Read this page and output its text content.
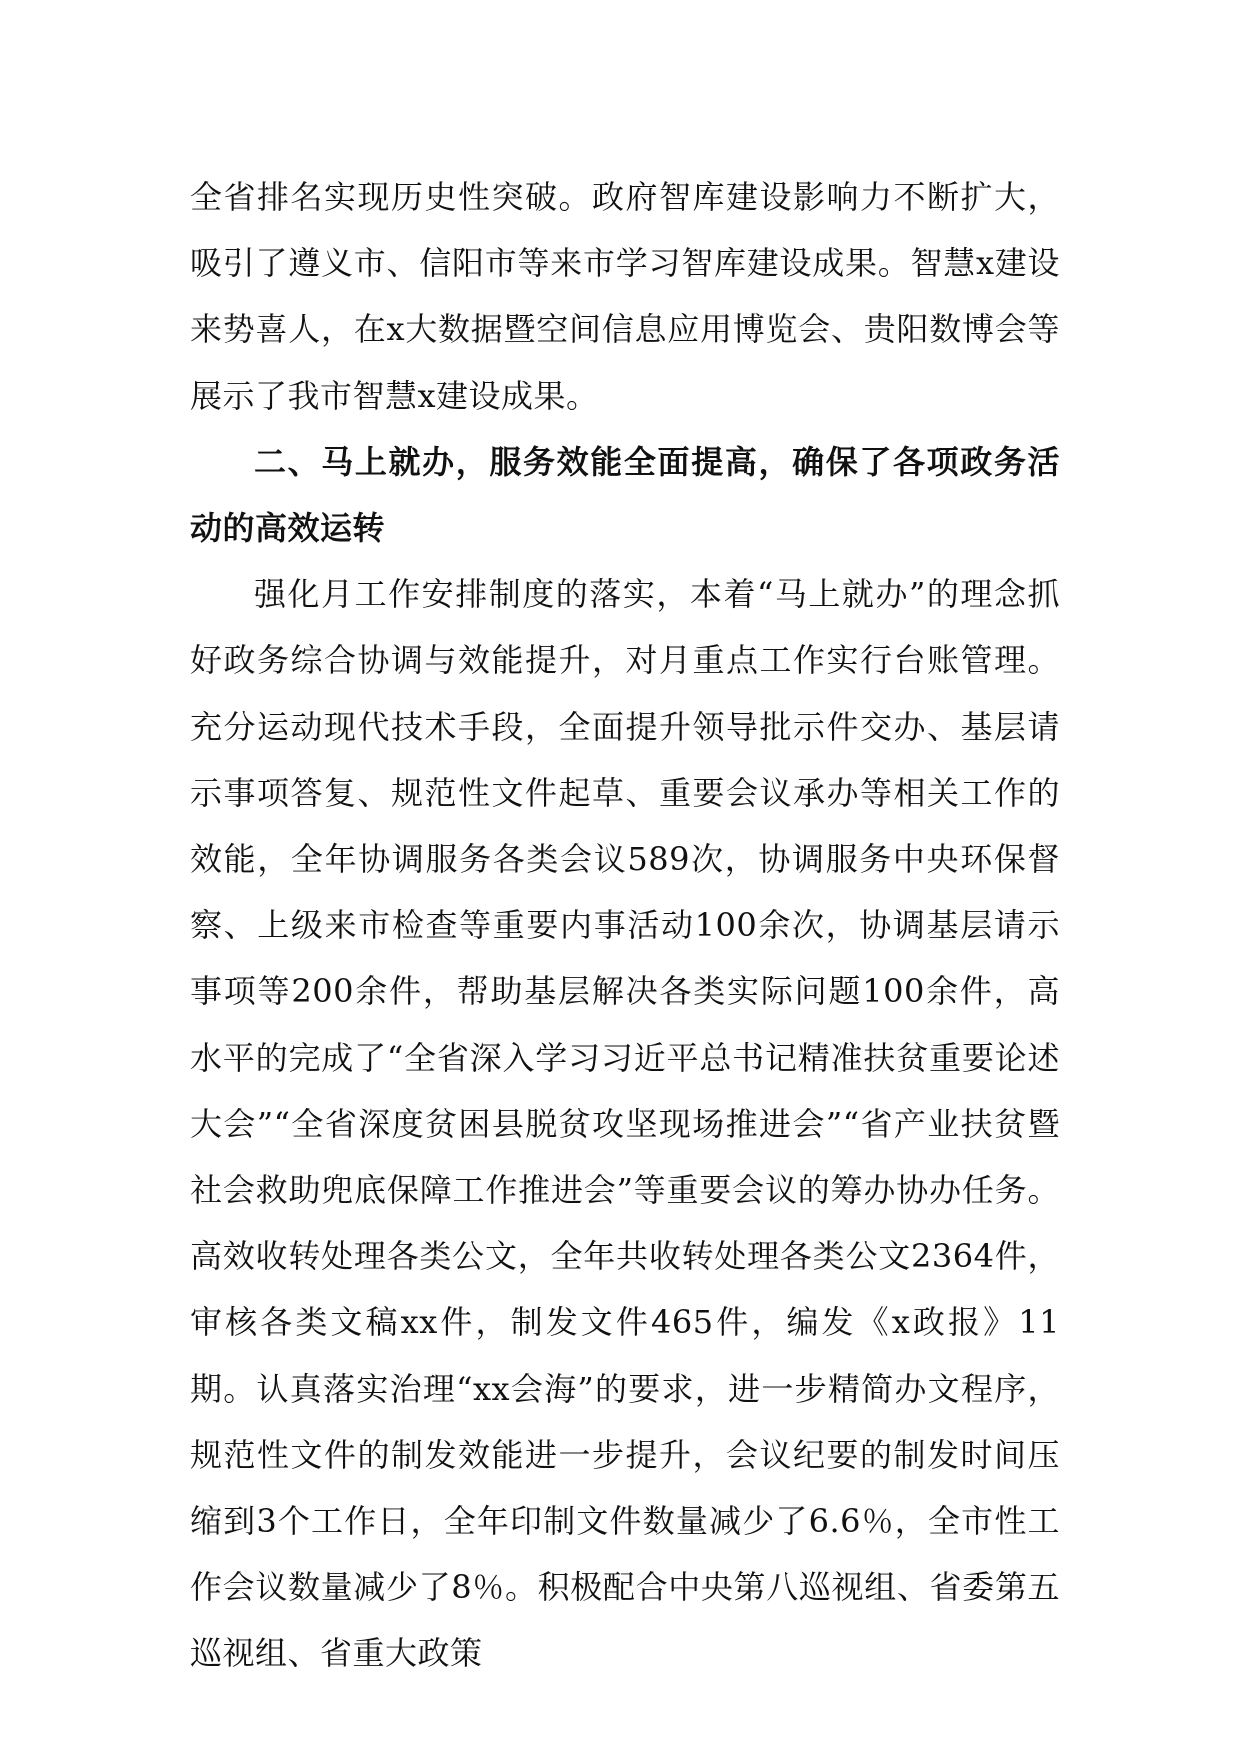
全省排名实现历史性突破。政府智库建设影响力不断扩大，吸引了遵义市、信阳市等来市学习智库建设成果。智慧x建设来势喜人，在x大数据暨空间信息应用博览会、贵阳数博会等展示了我市智慧x建设成果。

二、马上就办，服务效能全面提高，确保了各项政务活动的高效运转

强化月工作安排制度的落实，本着“马上就办”的理念抓好政务综合协调与效能提升，对月重点工作实行台账管理。充分运动现代技术手段，全面提升领导批示件交办、基层请示事项答复、规范性文件起草、重要会议承办等相关工作的效能，全年协调服务各类会议589次，协调服务中央环保督察、上级来市检查等重要内事活动100余次，协调基层请示事项等200余件，帮助基层解决各类实际问题100余件，高水平的完成了“全省深入学习习近平总书记精准扶贫重要论述大会”“全省深度贫困县脱贫攻坚现场推进会”“省产业扶贫暨社会救助兜底保障工作推进会”等重要会议的筹办协办任务。高效收转处理各类公文，全年共收转处理各类公文2364件，审核各类文稿xx件，制发文件465件，编发《x政报》11期。认真落实治理“xx会海”的要求，进一步精简办文程序，规范性文件的制发效能进一步提升，会议纪要的制发时间压缩到3个工作日，全年印制文件数量减少了6.6％，全市性工作会议数量减少了8％。积极配合中央第八巡视组、省委第五巡视组、省重大政策
